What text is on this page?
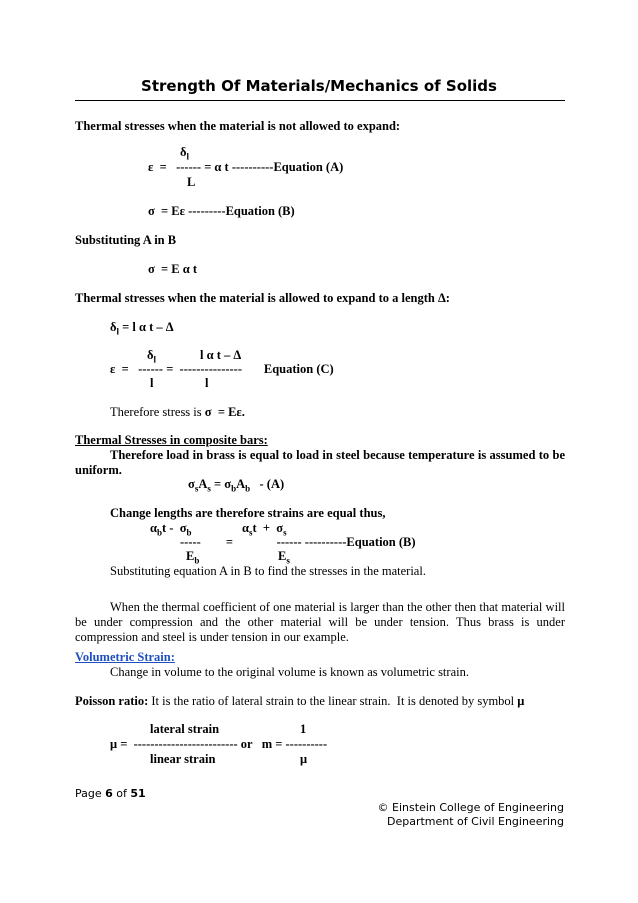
Strength Of Materials/Mechanics of Solids
Thermal stresses when the material is not allowed to expand:
$\delta_l$
ε  =   ------ = α t ----------Equation (A)
L
σ  = Eε ---------Equation (B)
Substituting A in B
σ  = E α t
Thermal stresses when the material is allowed to expand to a length Δ:
$\delta_l = l$ α t – Δ
$\delta_l$	l α t – Δ
ε  =   ------ =  ---------------       Equation (C)
l	l
Therefore stress is σ  = Eε.
Thermal Stresses in composite bars:
Therefore load in brass is equal to load in steel because temperature is assumed to be uniform.
$\sigma_sA_s = \sigma_bA_b - (A)$
Change lengths are therefore strains are equal thus,
$\alpha_bt - \sigma_b$	$\alpha_st + \sigma_s$
-----        =              ------ ----------Equation (B)
$E_b$	$E_s$
Substituting equation A in B to find the stresses in the material.
When the thermal coefficient of one material is larger than the other then that material will be under compression and the other material will be under tension. Thus brass is under compression and steel is under tension in our example.
Volumetric Strain:
Change in volume to the original volume is known as volumetric strain.
Poisson ratio: It is the ratio of lateral strain to the linear strain.  It is denoted by symbol μ
lateral strain	1
μ =  ------------------------- or   m = ----------
linear strain	μ
Page 6 of 51
© Einstein College of Engineering
Department of Civil Engineering
